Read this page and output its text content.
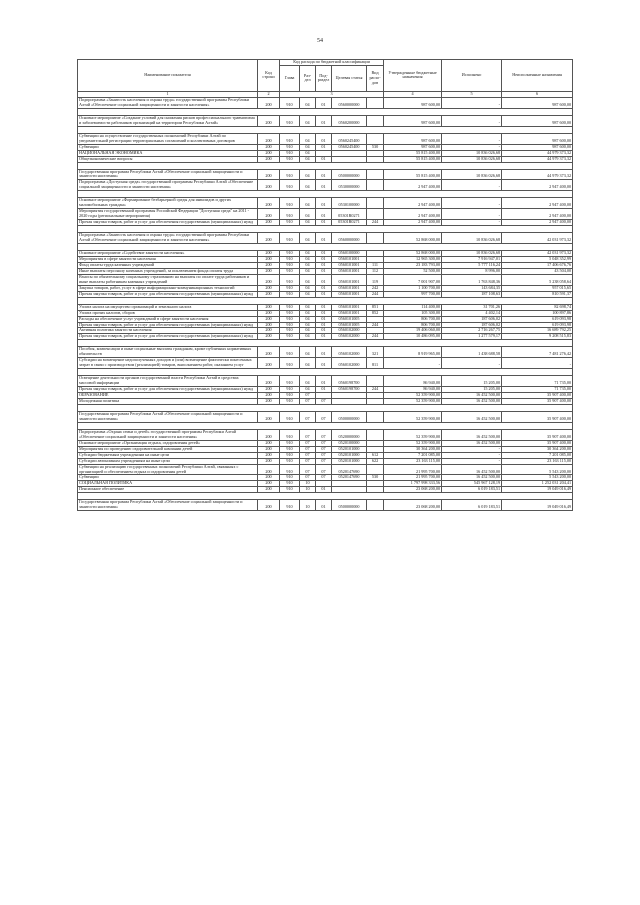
54
Наименование показателя	Код строки	Код расхода по бюджетной классификации					Утвержденные бюджетные назначения	Исполнено	Неисполненные назначения
		Глава	Раз-дел	Под-раздел	Целевая статья	Вид расхо-дов			
1	2	3					4	5	6
Подпрограмма «Занятость населения и охрана труда» государственной программы Республики Алтай «Обеспечение социальной защищенности и занятости населения»	200	910	04	01	0560000000		987 600,00	-	987 600,00

Основное мероприятие «Создание условий для снижения рисков профессионального травматизма и заболеваемости работников организаций на территории Республики Алтай»	200	910	04	01	0560200000		987 600,00	-	987 600,00

Субвенции на осуществление государственных полномочий Республики Алтай по уведомительной регистрации территориальных соглашений и коллективных договоров	200	910	04	01	0560245400		987 600,00	-	987 600,00
Субвенции	200	910	04	01	0560245400	530	987 600,00	-	987 600,00
НАЦИОНАЛЬНАЯ ЭКОНОМИКА	200	910	04				55 815 400,00	10 836 026,68	44 979 373,32
Общеэкономические вопросы	200	910	04	01			55 815 400,00	10 836 026,68	44 979 373,32

Государственная программа Республики Алтай «Обеспечение социальной защищенности и занятости населения»	200	910	04	01	0500000000		55 815 400,00	10 836 026,68	44 979 373,32
Подпрограмма «Доступная среда» государственной программы Республики Алтай «Обеспечение социальной защищенности и занятости населения»	200	910	04	01	0530000000		2 947 400,00	-	2 947 400,00

Основное мероприятие «Формирование безбарьерной среды для инвалидов и других маломобильных граждан»	200	910	04	01	0530100000		2 947 400,00	-	2 947 400,00
Мероприятия государственной программы Российской Федерации "Доступная среда" на 2011 - 2020 годы (региональные мероприятия)	200	910	04	01	05301R0271		2 947 400,00	-	2 947 400,00
Прочая закупка товаров, работ и услуг для обеспечения государственных (муниципальных) нужд	200	910	04	01	05301R0271	244	2 947 400,00	-	2 947 400,00

Подпрограмма «Занятость населения и охрана труда» государственной программы Республики Алтай «Обеспечение социальной защищенности и занятости населения»	200	910	04	01	0560000000		52 868 000,00	10 836 026,68	42 031 973,32

Основное мероприятие «Содействие занятости населения»	200	910	04	01	0560100000		52 868 000,00	10 836 026,68	42 031 973,32
Мероприятия в сфере занятости населения	200	910	04	01	0560101001		12 965 300,00	7 916 947,01	5 048 352,99
Фонд оплаты труда казенных учреждений	200	910	04	01	0560101001	111	23 183 793,00	5 777 116,24	17 406 676,76
Иные выплаты персоналу казенных учреждений, за исключением фонда оплаты труда	200	910	04	01	0560101001	112	52 500,00	8 996,00	43 504,00
Взносы по обязательному социальному страхованию на выплаты по оплате труда работников и иные выплаты работникам казенных учреждений	200	910	04	01	0560101001	119	7 001 907,00	1 763 848,36	5 238 058,64
Закупка товаров, работ, услуг в сфере информационно-коммуникационных технологий	200	910	04	01	0560101001	242	1 100 700,00	143 684,35	957 015,65
Прочая закупка товаров, работ и услуг для обеспечения государственных (муниципальных) нужд	200	910	04	01	0560101001	244	997 700,00	187 108,63	810 591,37

Уплата налога на имущество организаций и земельного налога	200	910	04	01	0560101001	851	114 400,00	31 701,26	82 698,74
Уплата прочих налогов, сборов	200	910	04	01	0560101001	852	105 300,00	4 402,14	100 897,86
Расходы на обеспечение услуг учреждений в сфере занятости населения	200	910	04	01	0560101005		806 700,00	187 606,02	619 093,98
Прочая закупка товаров, работ и услуг для обеспечения государственных (муниципальных) нужд	200	910	04	01	0560101005	244	806 700,00	187 606,02	619 093,98
Активная политика занятости населения	200	910	04	01	0560102000		19 406 060,00	2 716 267,75	16 689 792,25
Прочая закупка товаров, работ и услуг для обеспечения государственных (муниципальных) нужд	200	910	04	01	0560102000	244	10 486 095,00	1 277 579,17	9 208 515,83

Пособия, компенсации и иные социальные выплаты гражданам, кроме публичных нормативных обязательств	200	910	04	01	0560102000	321	8 919 965,00	1 438 688,58	7 481 276,42
Субсидии на возмещение недополученных доходов и (или) возмещение фактически понесенных затрат в связи с производством (реализацией) товаров, выполнением работ, оказанием услуг	200	910	04	01	0560102000	811	-	-	-

Освещение деятельности органов государственной власти Республики Алтай в средствах массовой информации	200	910	04	01	0560198700		86 940,00	15 205,00	71 735,00
Прочая закупка товаров, работ и услуг для обеспечения государственных (муниципальных) нужд	200	910	04	01	0560198700	244	86 940,00	15 205,00	71 735,00
ОБРАЗОВАНИЕ	200	910	07				52 359 900,00	16 452 500,00	35 907 400,00
Молодежная политика	200	910	07	07			52 359 900,00	16 452 500,00	35 907 400,00

Государственная программа Республики Алтай «Обеспечение социальной защищенности и занятости населения»	200	910	07	07	0500000000		52 359 900,00	16 452 500,00	35 907 400,00

Подпрограмма «Охрана семьи и детей» государственной программы Республики Алтай «Обеспечение социальной защищенности и занятости населения»	200	910	07	07	0520000000		52 359 900,00	16 452 500,00	35 907 400,00
Основное мероприятие «Организация отдыха, оздоровления детей»	200	910	07	07	0520100000		52 359 900,00	16 452 500,00	35 907 400,00
Мероприятия по проведению оздоровительной кампании детей	200	910	07	07	0520101000		30 364 200,00	-	30 364 200,00
Субсидии бюджетным учреждениям на иные цели	200	910	07	07	0520101000	612	7 201 085,00	-	7 201 085,00
Субсидии автономным учреждениям на иные цели	200	910	07	07	0520101000	622	23 163 115,00	-	23 163 115,00
Субвенции на реализацию государственных полномочий Республики Алтай, связанных с организацией и обеспечением отдыха и оздоровления детей	200	910	07	07	0520147690		21 995 700,00	16 452 500,00	5 543 200,00
Субвенции	200	910	07	07	0520147690	530	21 995 700,00	16 452 500,00	5 543 200,00
СОЦИАЛЬНАЯ ПОЛИТИКА	200	910	10				1 797 998 333,56	545 967 128,19	1 252 031 204,41
Пенсионное обеспечение	200	910	10	01			23 068 200,00	6 019 183,51	19 049 016,49

Государственная программа Республики Алтай «Обеспечение социальной защищенности и занятости населения»	200	910	10	01	0500000000		23 068 200,00	6 019 183,51	19 049 016,49
